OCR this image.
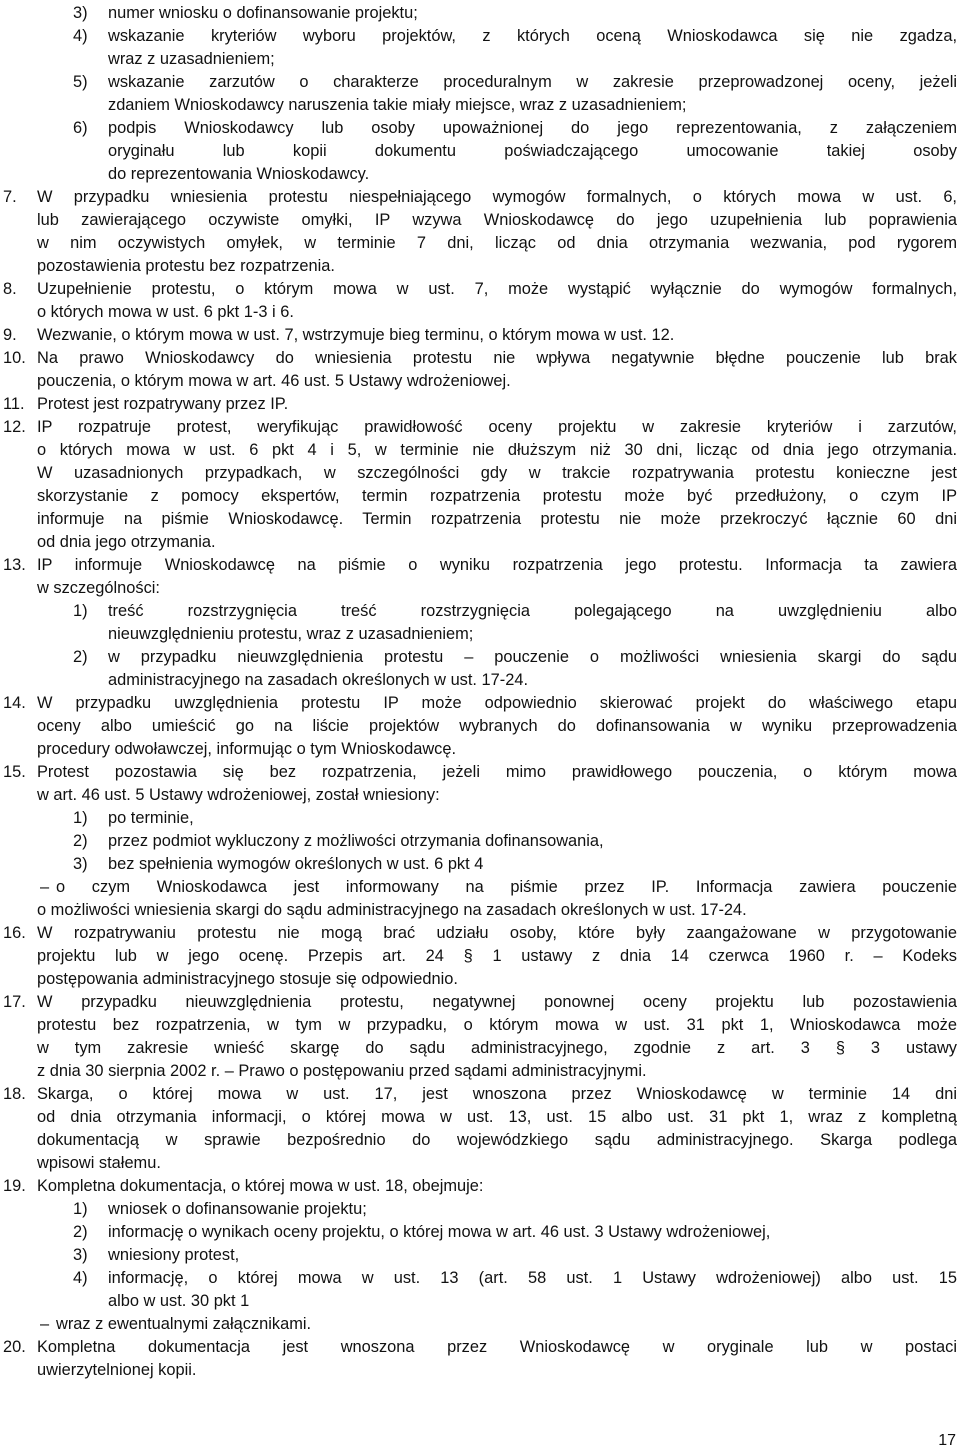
3) numer wniosku o dofinansowanie projektu;
4) wskazanie kryteriów wyboru projektów, z których oceną Wnioskodawca się nie zgadza,
wraz z uzasadnieniem;
5) wskazanie zarzutów o charakterze proceduralnym w zakresie przeprowadzonej oceny, jeżeli
zdaniem Wnioskodawcy naruszenia takie miały miejsce, wraz z uzasadnieniem;
6) podpis Wnioskodawcy lub osoby upoważnionej do jego reprezentowania, z załączeniem
oryginału lub kopii dokumentu poświadczającego umocowanie takiej osoby
do reprezentowania Wnioskodawcy.
7. W przypadku wniesienia protestu niespełniającego wymogów formalnych, o których mowa w ust. 6,
lub zawierającego oczywiste omyłki, IP wzywa Wnioskodawcę do jego uzupełnienia lub poprawienia
w nim oczywistych omyłek, w terminie 7 dni, licząc od dnia otrzymania wezwania, pod rygorem
pozostawienia protestu bez rozpatrzenia.
8. Uzupełnienie protestu, o którym mowa w ust. 7, może wystąpić wyłącznie do wymogów formalnych,
o których mowa w ust. 6 pkt 1-3 i 6.
9. Wezwanie, o którym mowa w ust. 7, wstrzymuje bieg terminu, o którym mowa w ust. 12.
10. Na prawo Wnioskodawcy do wniesienia protestu nie wpływa negatywnie błędne pouczenie lub brak
pouczenia, o którym mowa w art. 46 ust. 5 Ustawy wdrożeniowej.
11. Protest jest rozpatrywany przez IP.
12. IP rozpatruje protest, weryfikując prawidłowość oceny projektu w zakresie kryteriów i zarzutów,
o których mowa w ust. 6 pkt 4 i 5, w terminie nie dłuższym niż 30 dni, licząc od dnia jego otrzymania.
W uzasadnionych przypadkach, w szczególności gdy w trakcie rozpatrywania protestu konieczne jest
skorzystanie z pomocy ekspertów, termin rozpatrzenia protestu może być przedłużony, o czym IP
informuje na piśmie Wnioskodawcę. Termin rozpatrzenia protestu nie może przekroczyć łącznie 60 dni
od dnia jego otrzymania.
13. IP informuje Wnioskodawcę na piśmie o wyniku rozpatrzenia jego protestu. Informacja ta zawiera
w szczególności:
1) treść rozstrzygnięcia treść rozstrzygnięcia polegającego na uwzględnieniu albo
nieuwzględnieniu protestu, wraz z uzasadnieniem;
2) w przypadku nieuwzględnienia protestu – pouczenie o możliwości wniesienia skargi do sądu
administracyjnego na zasadach określonych w ust. 17-24.
14. W przypadku uwzględnienia protestu IP może odpowiednio skierować projekt do właściwego etapu
oceny albo umieścić go na liście projektów wybranych do dofinansowania w wyniku przeprowadzenia
procedury odwoławczej, informując o tym Wnioskodawcę.
15. Protest pozostawia się bez rozpatrzenia, jeżeli mimo prawidłowego pouczenia, o którym mowa
w art. 46 ust. 5 Ustawy wdrożeniowej, został wniesiony:
1) po terminie,
2) przez podmiot wykluczony z możliwości otrzymania dofinansowania,
3) bez spełnienia wymogów określonych w ust. 6 pkt 4
– o czym Wnioskodawca jest informowany na piśmie przez IP. Informacja zawiera pouczenie
o możliwości wniesienia skargi do sądu administracyjnego na zasadach określonych w ust. 17-24.
16. W rozpatrywaniu protestu nie mogą brać udziału osoby, które były zaangażowane w przygotowanie
projektu lub w jego ocenę. Przepis art. 24 § 1 ustawy z dnia 14 czerwca 1960 r. – Kodeks
postępowania administracyjnego stosuje się odpowiednio.
17. W przypadku nieuwzględnienia protestu, negatywnej ponownej oceny projektu lub pozostawienia
protestu bez rozpatrzenia, w tym w przypadku, o którym mowa w ust. 31 pkt 1, Wnioskodawca może
w tym zakresie wnieść skargę do sądu administracyjnego, zgodnie z art. 3 § 3 ustawy
z dnia 30 sierpnia 2002 r. – Prawo o postępowaniu przed sądami administracyjnymi.
18. Skarga, o której mowa w ust. 17, jest wnoszona przez Wnioskodawcę w terminie 14 dni
od dnia otrzymania informacji, o której mowa w ust. 13, ust. 15 albo ust. 31 pkt 1, wraz z kompletną
dokumentacją w sprawie bezpośrednio do wojewódzkiego sądu administracyjnego. Skarga podlega
wpisowi stałemu.
19. Kompletna dokumentacja, o której mowa w ust. 18, obejmuje:
1) wniosek o dofinansowanie projektu;
2) informację o wynikach oceny projektu, o której mowa w art. 46 ust. 3 Ustawy wdrożeniowej,
3) wniesiony protest,
4) informację, o której mowa w ust. 13 (art. 58 ust. 1 Ustawy wdrożeniowej) albo ust. 15
albo w ust. 30 pkt 1
– wraz z ewentualnymi załącznikami.
20. Kompletna dokumentacja jest wnoszona przez Wnioskodawcę w oryginale lub w postaci
uwierzytelnionej kopii.
17
